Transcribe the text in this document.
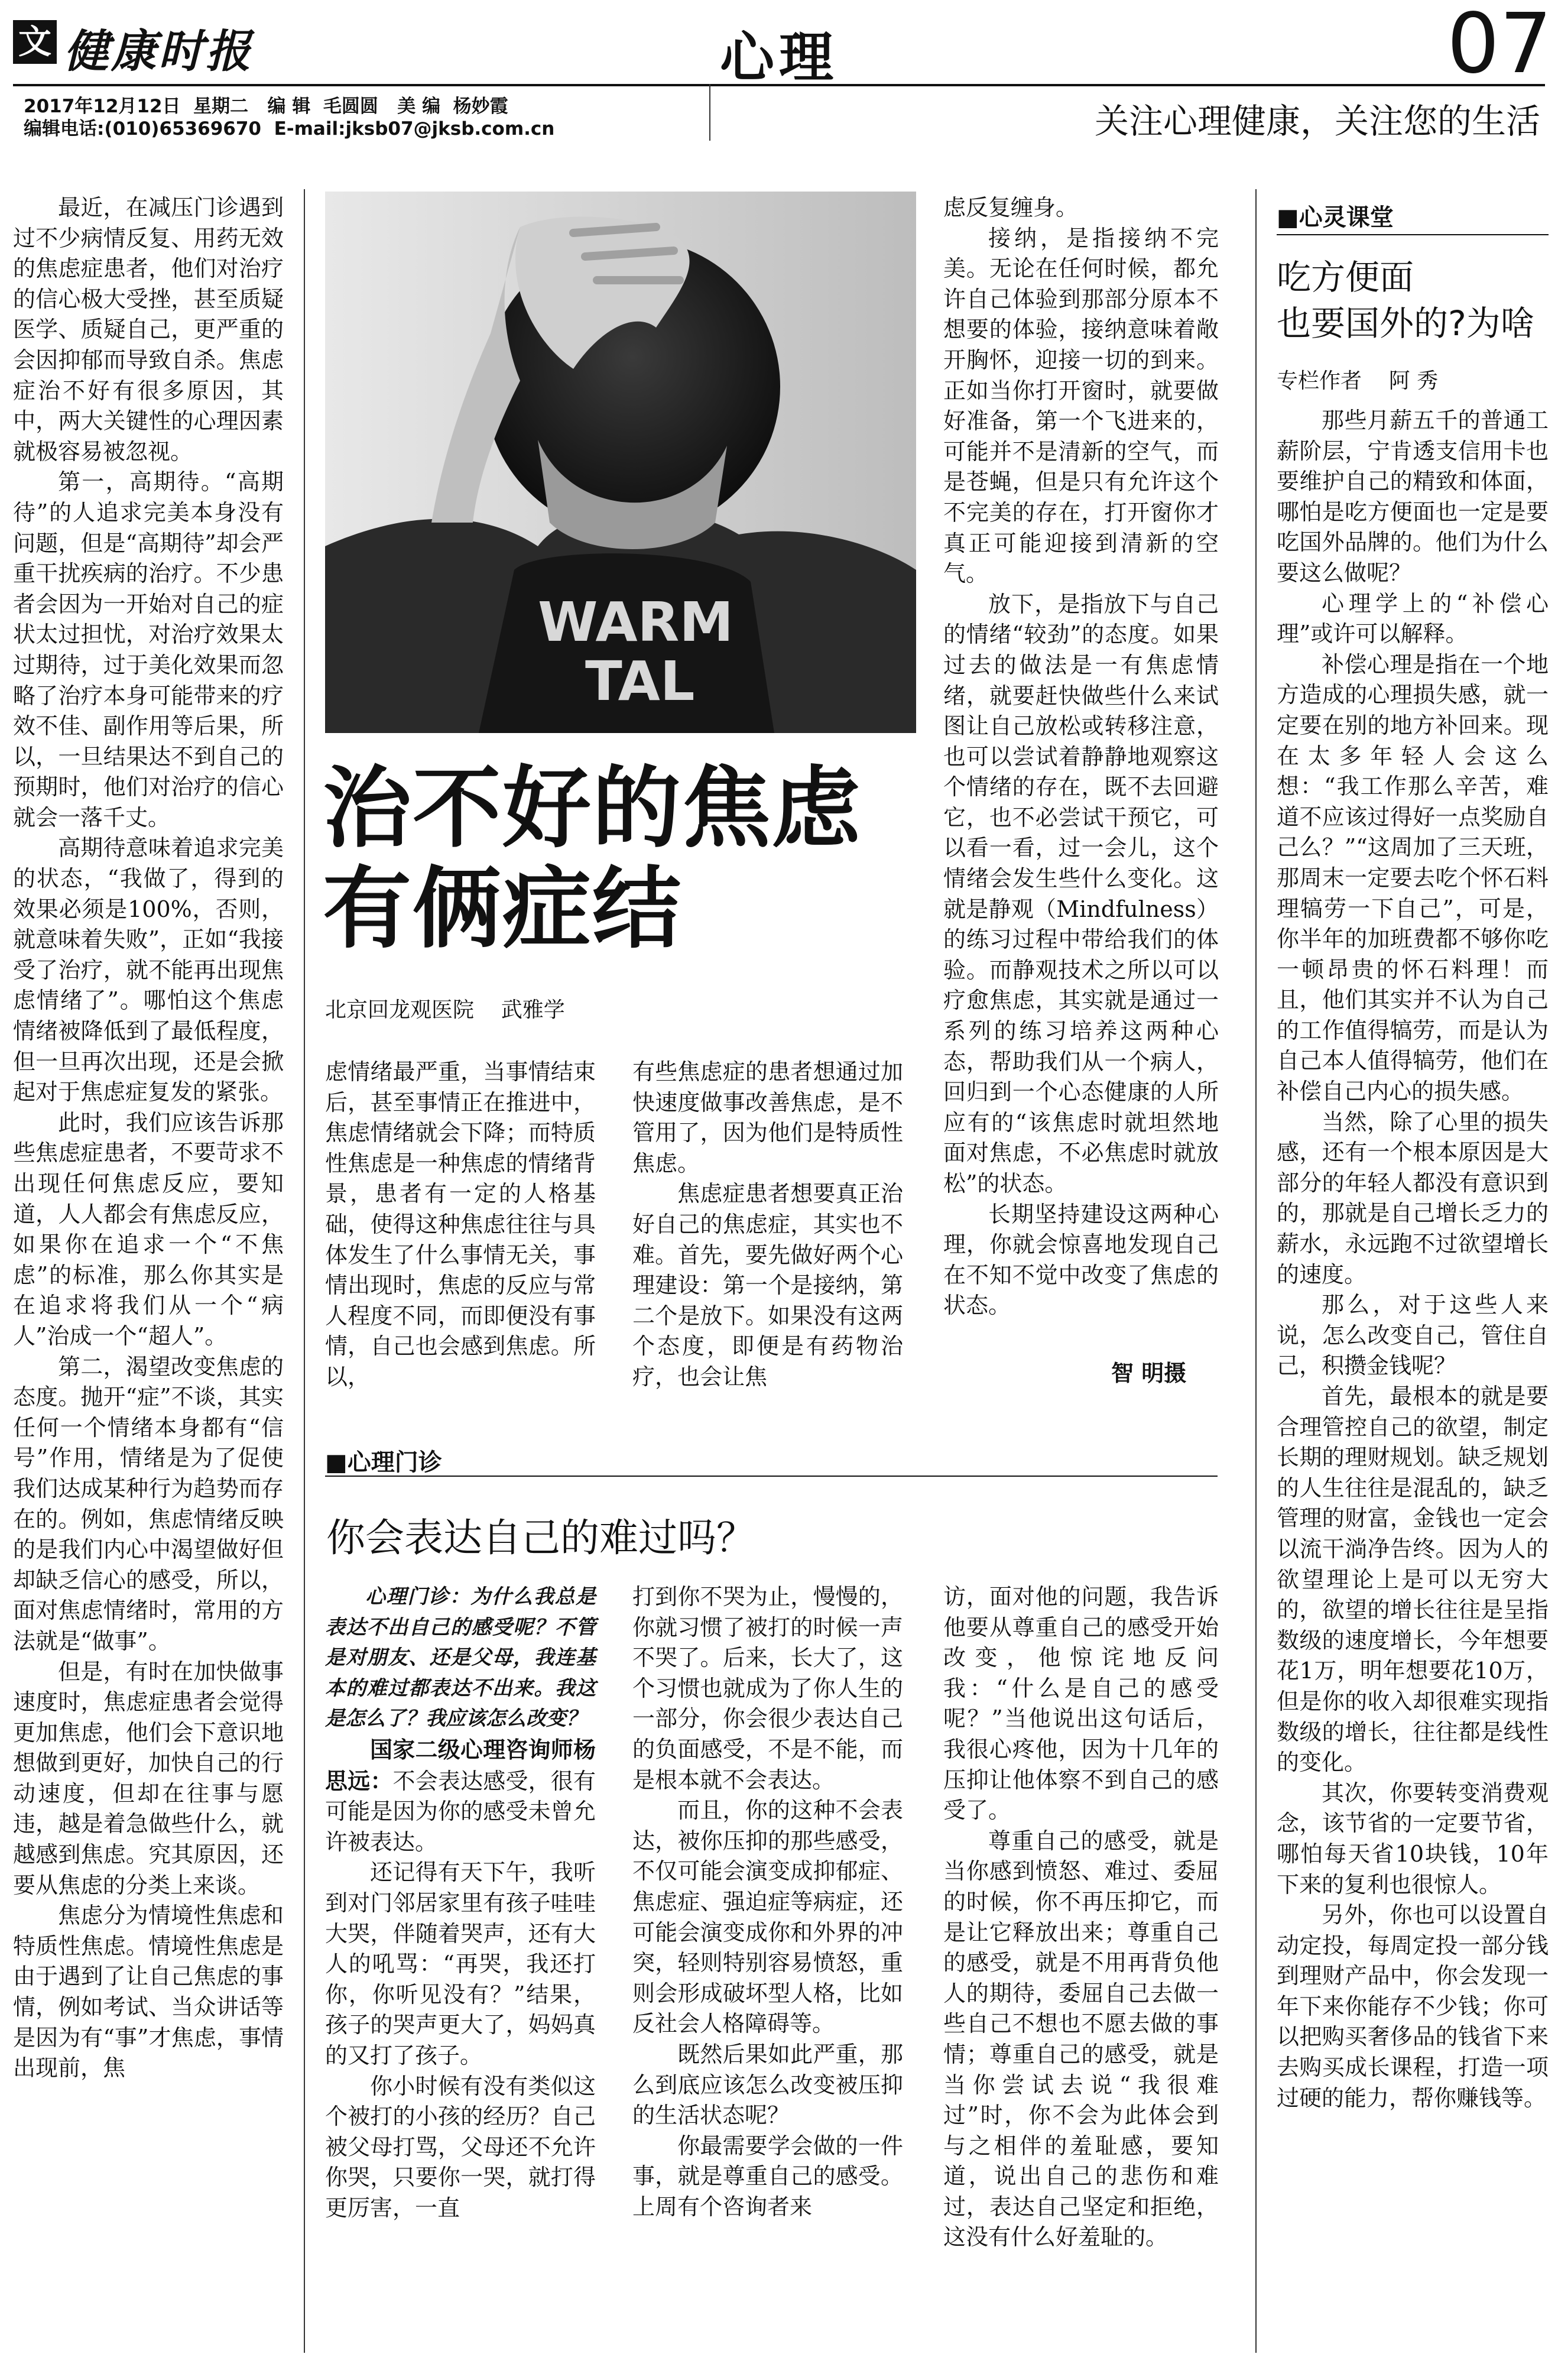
文 健康时报	心理	07
2017年12月12日  星期二   编 辑  毛圆圆   美 编  杨妙霞
编辑电话:(010)65369670  E-mail:jksb07@jksb.com.cn	关注心理健康，关注您的生活

最近，在减压门诊遇到过不少病情反复、用药无效的焦虑症患者，他们对治疗的信心极大受挫，甚至质疑医学、质疑自己，更严重的会因抑郁而导致自杀。焦虑症治不好有很多原因，其中，两大关键性的心理因素就极容易被忽视。

第一，高期待。“高期待”的人追求完美本身没有问题，但是“高期待”却会严重干扰疾病的治疗。不少患者会因为一开始对自己的症状太过担忧，对治疗效果太过期待，过于美化效果而忽略了治疗本身可能带来的疗效不佳、副作用等后果，所以，一旦结果达不到自己的预期时，他们对治疗的信心就会一落千丈。

高期待意味着追求完美的状态，“我做了，得到的效果必须是100%，否则，就意味着失败”，正如“我接受了治疗，就不能再出现焦虑情绪了”。哪怕这个焦虑情绪被降低到了最低程度，但一旦再次出现，还是会掀起对于焦虑症复发的紧张。

此时，我们应该告诉那些焦虑症患者，不要苛求不出现任何焦虑反应，要知道，人人都会有焦虑反应，如果你在追求一个“不焦虑”的标准，那么你其实是在追求将我们从一个“病人”治成一个“超人”。

第二，渴望改变焦虑的态度。抛开“症”不谈，其实任何一个情绪本身都有“信号”作用，情绪是为了促使我们达成某种行为趋势而存在的。例如，焦虑情绪反映的是我们内心中渴望做好但却缺乏信心的感受，所以，面对焦虑情绪时，常用的方法就是“做事”。

但是，有时在加快做事速度时，焦虑症患者会觉得更加焦虑，他们会下意识地想做到更好，加快自己的行动速度，但却在往事与愿违，越是着急做些什么，就越感到焦虑。究其原因，还要从焦虑的分类上来谈。

焦虑分为情境性焦虑和特质性焦虑。情境性焦虑是由于遇到了让自己焦虑的事情，例如考试、当众讲话等是因为有“事”才焦虑，事情出现前，焦

WARM
TAL
智 明摄
治不好的焦虑
有俩症结
北京回龙观医院    武雅学

虑情绪最严重，当事情结束后，甚至事情正在推进中，焦虑情绪就会下降；而特质性焦虑是一种焦虑的情绪背景，患者有一定的人格基础，使得这种焦虑往往与具体发生了什么事情无关，事情出现时，焦虑的反应与常人程度不同，而即便没有事情，自己也会感到焦虑。所以，

有些焦虑症的患者想通过加快速度做事改善焦虑，是不管用了，因为他们是特质性焦虑。

焦虑症患者想要真正治好自己的焦虑症，其实也不难。首先，要先做好两个心理建设：第一个是接纳，第二个是放下。如果没有这两个态度，即便是有药物治疗，也会让焦

虑反复缠身。

接纳，是指接纳不完美。无论在任何时候，都允许自己体验到那部分原本不想要的体验，接纳意味着敞开胸怀，迎接一切的到来。正如当你打开窗时，就要做好准备，第一个飞进来的，可能并不是清新的空气，而是苍蝇，但是只有允许这个不完美的存在，打开窗你才真正可能迎接到清新的空气。

放下，是指放下与自己的情绪“较劲”的态度。如果过去的做法是一有焦虑情绪，就要赶快做些什么来试图让自己放松或转移注意，也可以尝试着静静地观察这个情绪的存在，既不去回避它，也不必尝试干预它，可以看一看，过一会儿，这个情绪会发生些什么变化。这就是静观（Mindfulness）的练习过程中带给我们的体验。而静观技术之所以可以疗愈焦虑，其实就是通过一系列的练习培养这两种心态，帮助我们从一个病人，回归到一个心态健康的人所应有的“该焦虑时就坦然地面对焦虑，不必焦虑时就放松”的状态。

长期坚持建设这两种心理，你就会惊喜地发现自己在不知不觉中改变了焦虑的状态。

■心理门诊
你会表达自己的难过吗？

心理门诊：为什么我总是表达不出自己的感受呢？不管是对朋友、还是父母，我连基本的难过都表达不出来。我这是怎么了？我应该怎么改变？

国家二级心理咨询师杨思远：不会表达感受，很有可能是因为你的感受未曾允许被表达。

还记得有天下午，我听到对门邻居家里有孩子哇哇大哭，伴随着哭声，还有大人的吼骂：“再哭，我还打你，你听见没有？”结果，孩子的哭声更大了，妈妈真的又打了孩子。

你小时候有没有类似这个被打的小孩的经历？自己被父母打骂，父母还不允许你哭，只要你一哭，就打得更厉害，一直

打到你不哭为止，慢慢的，你就习惯了被打的时候一声不哭了。后来，长大了，这个习惯也就成为了你人生的一部分，你会很少表达自己的负面感受，不是不能，而是根本就不会表达。

而且，你的这种不会表达，被你压抑的那些感受，不仅可能会演变成抑郁症、焦虑症、强迫症等病症，还可能会演变成你和外界的冲突，轻则特别容易愤怒，重则会形成破坏型人格，比如反社会人格障碍等。

既然后果如此严重，那么到底应该怎么改变被压抑的生活状态呢？

你最需要学会做的一件事，就是尊重自己的感受。上周有个咨询者来

访，面对他的问题，我告诉他要从尊重自己的感受开始改变，他惊诧地反问我：“什么是自己的感受呢？”当他说出这句话后，我很心疼他，因为十几年的压抑让他体察不到自己的感受了。

尊重自己的感受，就是当你感到愤怒、难过、委屈的时候，你不再压抑它，而是让它释放出来；尊重自己的感受，就是不用再背负他人的期待，委屈自己去做一些自己不想也不愿去做的事情；尊重自己的感受，就是当你尝试去说“我很难过”时，你不会为此体会到与之相伴的羞耻感，要知道，说出自己的悲伤和难过，表达自己坚定和拒绝，这没有什么好羞耻的。

■心灵课堂
吃方便面
也要国外的?为啥
专栏作者    阿 秀

那些月薪五千的普通工薪阶层，宁肯透支信用卡也要维护自己的精致和体面，哪怕是吃方便面也一定是要吃国外品牌的。他们为什么要这么做呢？

心理学上的“补偿心理”或许可以解释。

补偿心理是指在一个地方造成的心理损失感，就一定要在别的地方补回来。现在太多年轻人会这么想：“我工作那么辛苦，难道不应该过得好一点奖励自己么？”“这周加了三天班，那周末一定要去吃个怀石料理犒劳一下自己”，可是，你半年的加班费都不够你吃一顿昂贵的怀石料理！而且，他们其实并不认为自己的工作值得犒劳，而是认为自己本人值得犒劳，他们在补偿自己内心的损失感。

当然，除了心里的损失感，还有一个根本原因是大部分的年轻人都没有意识到的，那就是自己增长乏力的薪水，永远跑不过欲望增长的速度。

那么，对于这些人来说，怎么改变自己，管住自己，积攒金钱呢？

首先，最根本的就是要合理管控自己的欲望，制定长期的理财规划。缺乏规划的人生往往是混乱的，缺乏管理的财富，金钱也一定会以流干淌净告终。因为人的欲望理论上是可以无穷大的，欲望的增长往往是呈指数级的速度增长，今年想要花1万，明年想要花10万，但是你的收入却很难实现指数级的增长，往往都是线性的变化。

其次，你要转变消费观念，该节省的一定要节省，哪怕每天省10块钱，10年下来的复利也很惊人。

另外，你也可以设置自动定投，每周定投一部分钱到理财产品中，你会发现一年下来你能存不少钱；你可以把购买奢侈品的钱省下来去购买成长课程，打造一项过硬的能力，帮你赚钱等。
